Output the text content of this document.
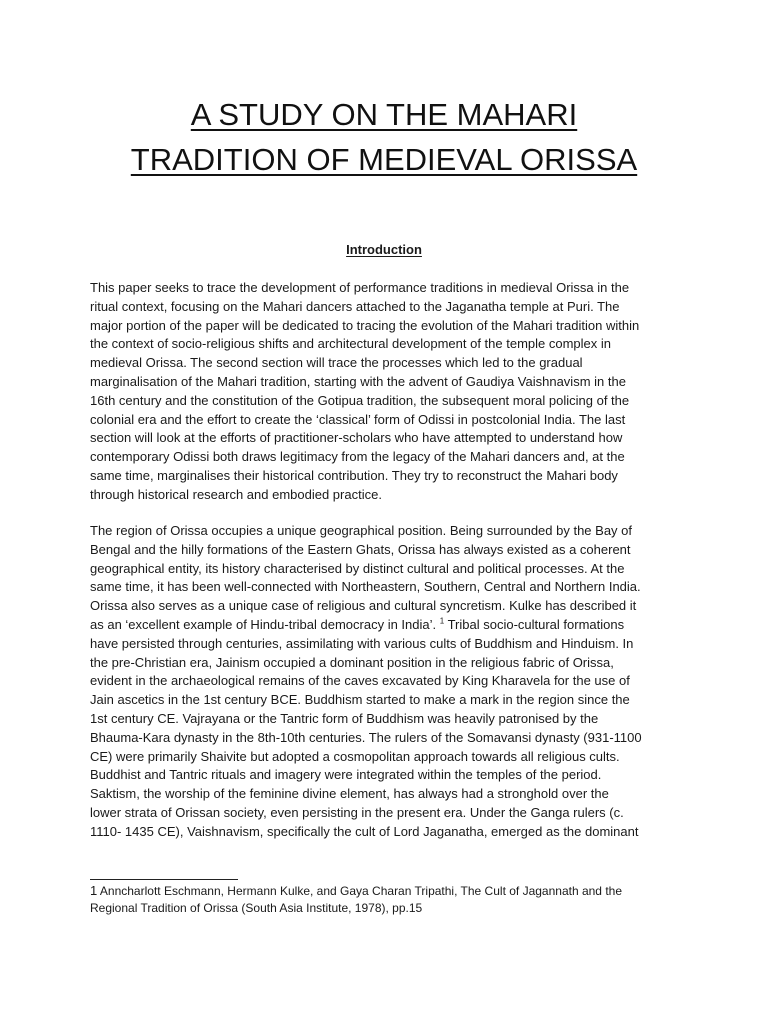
A STUDY ON THE MAHARI
TRADITION OF MEDIEVAL ORISSA
Introduction

This paper seeks to trace the development of performance traditions in medieval Orissa in the
ritual context, focusing on the Mahari dancers attached to the Jaganatha temple at Puri. The
major portion of the paper will be dedicated to tracing the evolution of the Mahari tradition within
the context of socio-religious shifts and architectural development of the temple complex in
medieval Orissa. The second section will trace the processes which led to the gradual
marginalisation of the Mahari tradition, starting with the advent of Gaudiya Vaishnavism in the
16th century and the constitution of the Gotipua tradition, the subsequent moral policing of the
colonial era and the effort to create the ‘classical’ form of Odissi in postcolonial India. The last
section will look at the efforts of practitioner-scholars who have attempted to understand how
contemporary Odissi both draws legitimacy from the legacy of the Mahari dancers and, at the
same time, marginalises their historical contribution. They try to reconstruct the Mahari body
through historical research and embodied practice.

The region of Orissa occupies a unique geographical position. Being surrounded by the Bay of
Bengal and the hilly formations of the Eastern Ghats, Orissa has always existed as a coherent
geographical entity, its history characterised by distinct cultural and political processes. At the
same time, it has been well-connected with Northeastern, Southern, Central and Northern India.
Orissa also serves as a unique case of religious and cultural syncretism. Kulke has described it
as an ‘excellent example of Hindu-tribal democracy in India’. $^1$ Tribal socio-cultural formations
have persisted through centuries, assimilating with various cults of Buddhism and Hinduism. In
the pre-Christian era, Jainism occupied a dominant position in the religious fabric of Orissa,
evident in the archaeological remains of the caves excavated by King Kharavela for the use of
Jain ascetics in the 1st century BCE. Buddhism started to make a mark in the region since the
1st century CE. Vajrayana or the Tantric form of Buddhism was heavily patronised by the
Bhauma-Kara dynasty in the 8th-10th centuries. The rulers of the Somavansi dynasty (931-1100
CE) were primarily Shaivite but adopted a cosmopolitan approach towards all religious cults.
Buddhist and Tantric rituals and imagery were integrated within the temples of the period.
Saktism, the worship of the feminine divine element, has always had a stronghold over the
lower strata of Orissan society, even persisting in the present era. Under the Ganga rulers (c.
1110- 1435 CE), Vaishnavism, specifically the cult of Lord Jaganatha, emerged as the dominant

1 Anncharlott Eschmann, Hermann Kulke, and Gaya Charan Tripathi, The Cult of Jagannath and the
Regional Tradition of Orissa (South Asia Institute, 1978), pp.15
